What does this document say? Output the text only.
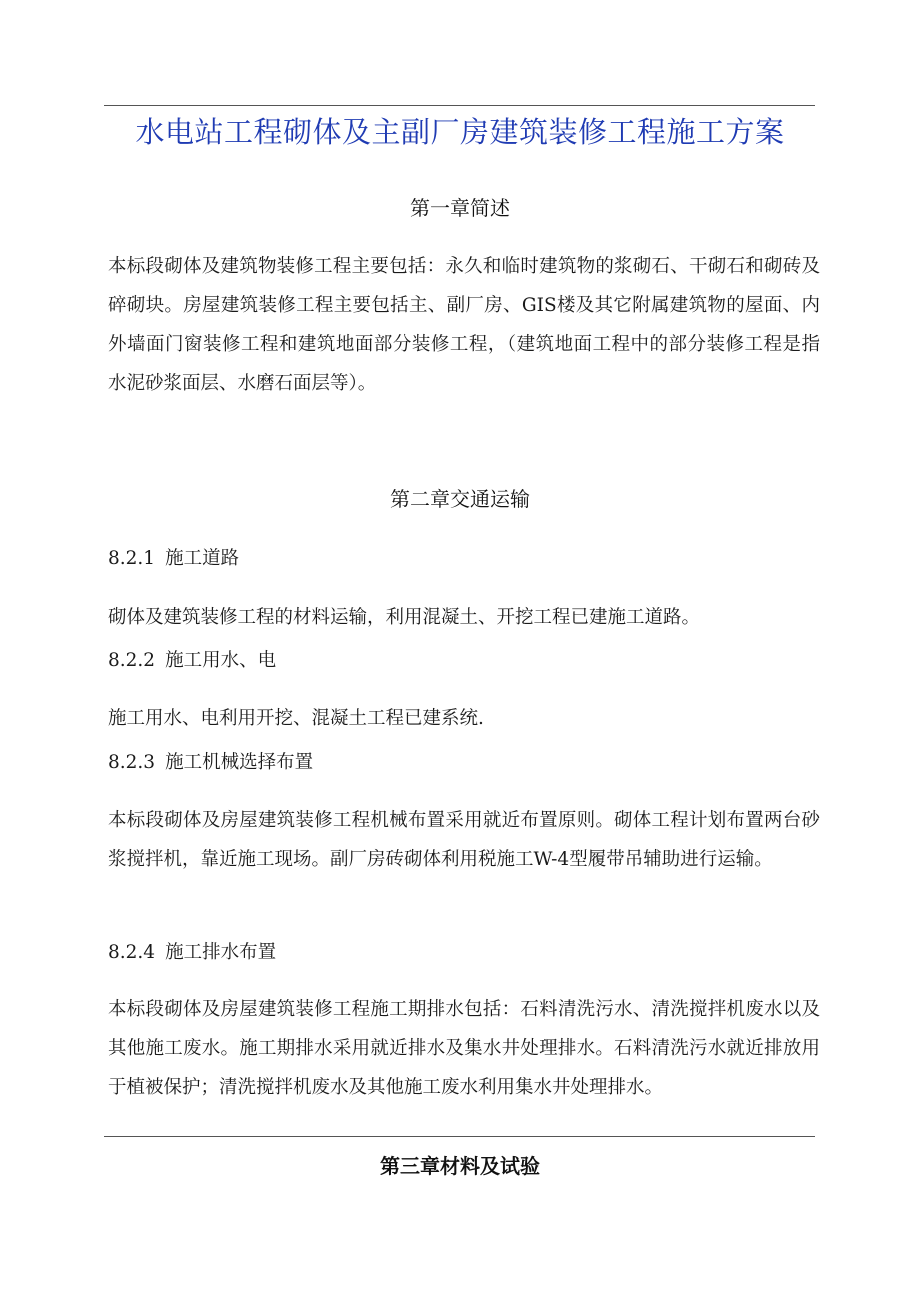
水电站工程砌体及主副厂房建筑装修工程施工方案
第一章简述

本标段砌体及建筑物装修工程主要包括：永久和临时建筑物的浆砌石、干砌石和砌砖及碎砌块。房屋建筑装修工程主要包括主、副厂房、GIS楼及其它附属建筑物的屋面、内外墙面门窗装修工程和建筑地面部分装修工程，（建筑地面工程中的部分装修工程是指水泥砂浆面层、水磨石面层等）。

第二章交通运输
8.2.1 施工道路

砌体及建筑装修工程的材料运输，利用混凝土、开挖工程已建施工道路。

8.2.2 施工用水、电

施工用水、电利用开挖、混凝土工程已建系统.

8.2.3 施工机械选择布置

本标段砌体及房屋建筑装修工程机械布置采用就近布置原则。砌体工程计划布置两台砂浆搅拌机，靠近施工现场。副厂房砖砌体利用税施工W-4型履带吊辅助进行运输。

8.2.4 施工排水布置

本标段砌体及房屋建筑装修工程施工期排水包括：石料清洗污水、清洗搅拌机废水以及其他施工废水。施工期排水采用就近排水及集水井处理排水。石料清洗污水就近排放用于植被保护；清洗搅拌机废水及其他施工废水利用集水井处理排水。

第三章材料及试验
